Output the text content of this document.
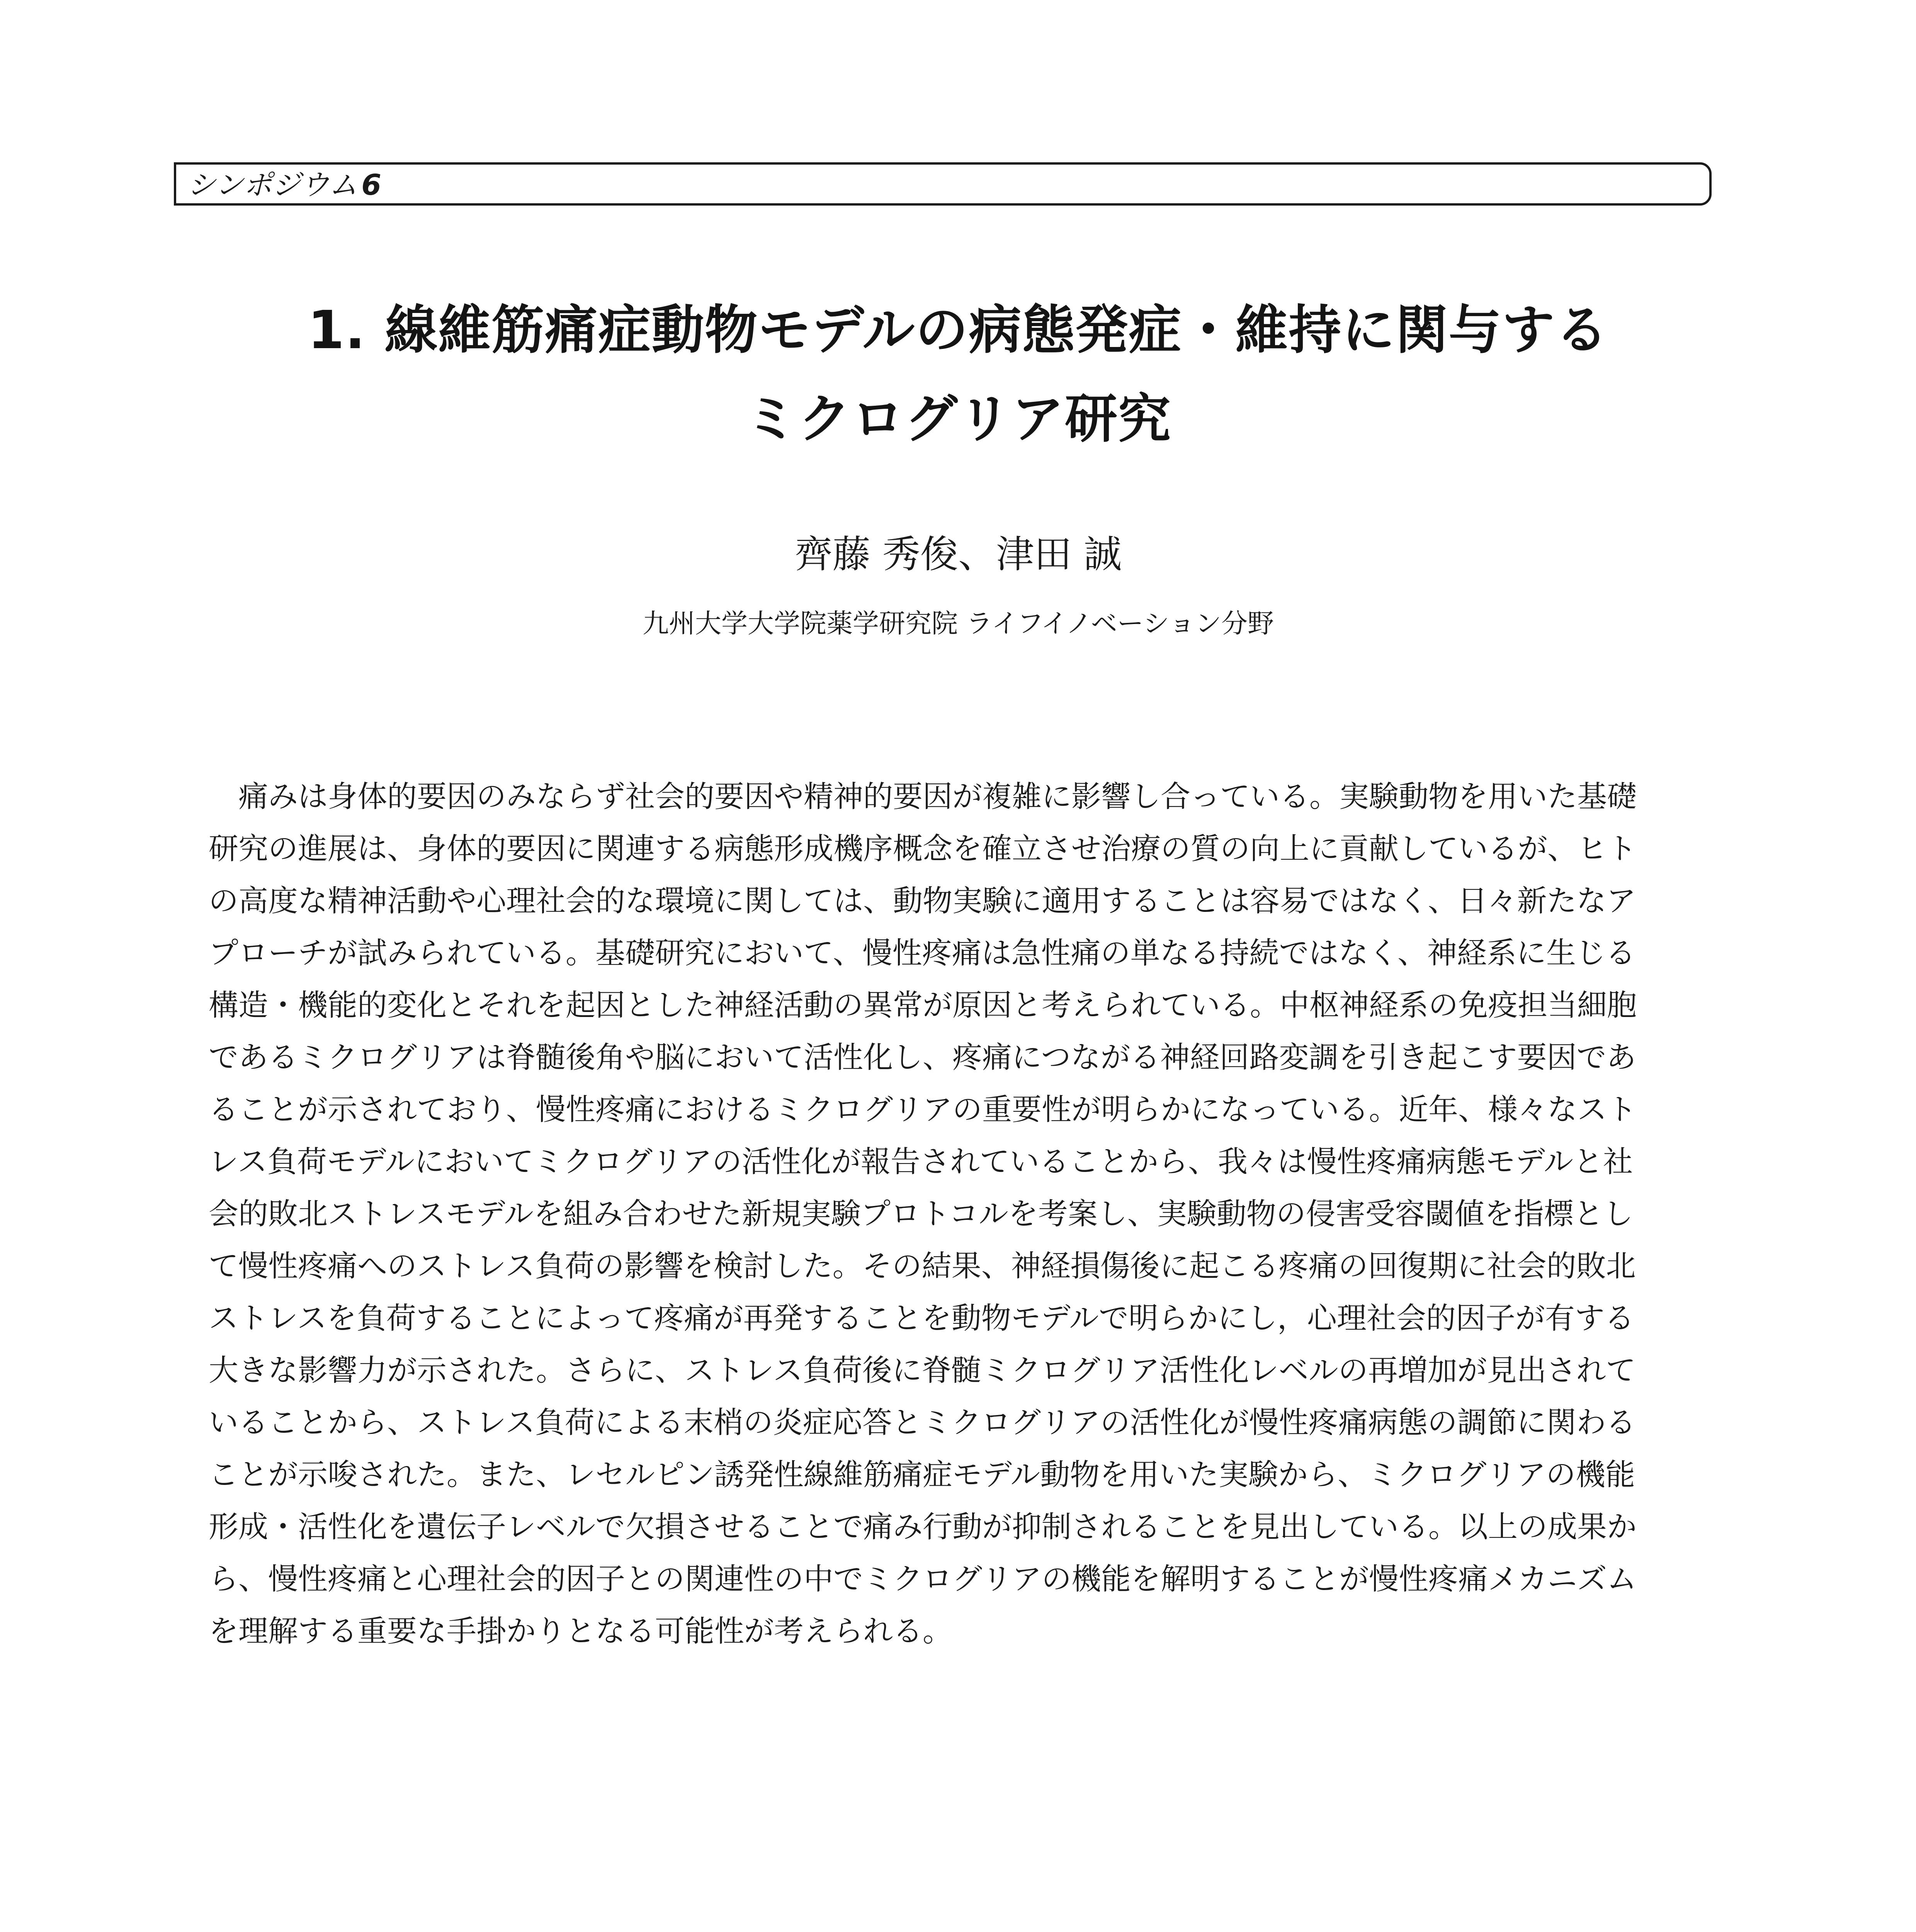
シンポジウム 6
1. 線維筋痛症動物モデルの病態発症・維持に関与する
ミクログリア研究
齊藤 秀俊、津田 誠
九州大学大学院薬学研究院 ライフイノベーション分野
　痛みは身体的要因のみならず社会的要因や精神的要因が複雑に影響し合っている。実験動物を用いた基礎
研究の進展は、身体的要因に関連する病態形成機序概念を確立させ治療の質の向上に貢献しているが、ヒト
の高度な精神活動や心理社会的な環境に関しては、動物実験に適用することは容易ではなく、日々新たなア
プローチが試みられている。基礎研究において、慢性疼痛は急性痛の単なる持続ではなく、神経系に生じる
構造・機能的変化とそれを起因とした神経活動の異常が原因と考えられている。中枢神経系の免疫担当細胞
であるミクログリアは脊髄後角や脳において活性化し、疼痛につながる神経回路変調を引き起こす要因であ
ることが示されており、慢性疼痛におけるミクログリアの重要性が明らかになっている。近年、様々なスト
レス負荷モデルにおいてミクログリアの活性化が報告されていることから、我々は慢性疼痛病態モデルと社
会的敗北ストレスモデルを組み合わせた新規実験プロトコルを考案し、実験動物の侵害受容閾値を指標とし
て慢性疼痛へのストレス負荷の影響を検討した。その結果、神経損傷後に起こる疼痛の回復期に社会的敗北
ストレスを負荷することによって疼痛が再発することを動物モデルで明らかにし，心理社会的因子が有する
大きな影響力が示された。さらに、ストレス負荷後に脊髄ミクログリア活性化レベルの再増加が見出されて
いることから、ストレス負荷による末梢の炎症応答とミクログリアの活性化が慢性疼痛病態の調節に関わる
ことが示唆された。また、レセルピン誘発性線維筋痛症モデル動物を用いた実験から、ミクログリアの機能
形成・活性化を遺伝子レベルで欠損させることで痛み行動が抑制されることを見出している。以上の成果か
ら、慢性疼痛と心理社会的因子との関連性の中でミクログリアの機能を解明することが慢性疼痛メカニズム
を理解する重要な手掛かりとなる可能性が考えられる。
